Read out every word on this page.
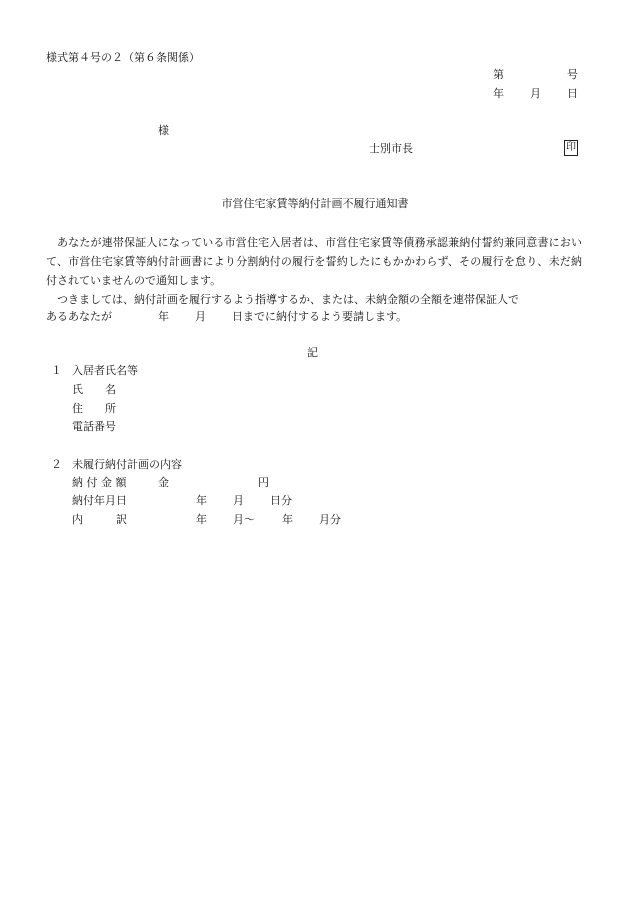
様式第４号の２（第６条関係）
第	号
年 月 日
様
士別市長	印
市営住宅家賃等納付計画不履行通知書
あなたが連帯保証人になっている市営住宅入居者は、市営住宅家賃等債務承認兼納付誓約兼同意書において、市営住宅家賃等納付計画書により分割納付の履行を誓約したにもかかわらず、その履行を怠り、未だ納付されていませんので通知します。
つきましては、納付計画を履行するよう指導するか、または、未納金額の全額を連帯保証人で
あるあなたが	年 月 日までに納付するよう要請します。
記
１ 入居者氏名等
氏　　名
住　　所
電話番号
２ 未履行納付計画の内容
納 付 金 額	金	円
納付年月日	年 月 日分
内　　　訳	年 月～ 年 月分
